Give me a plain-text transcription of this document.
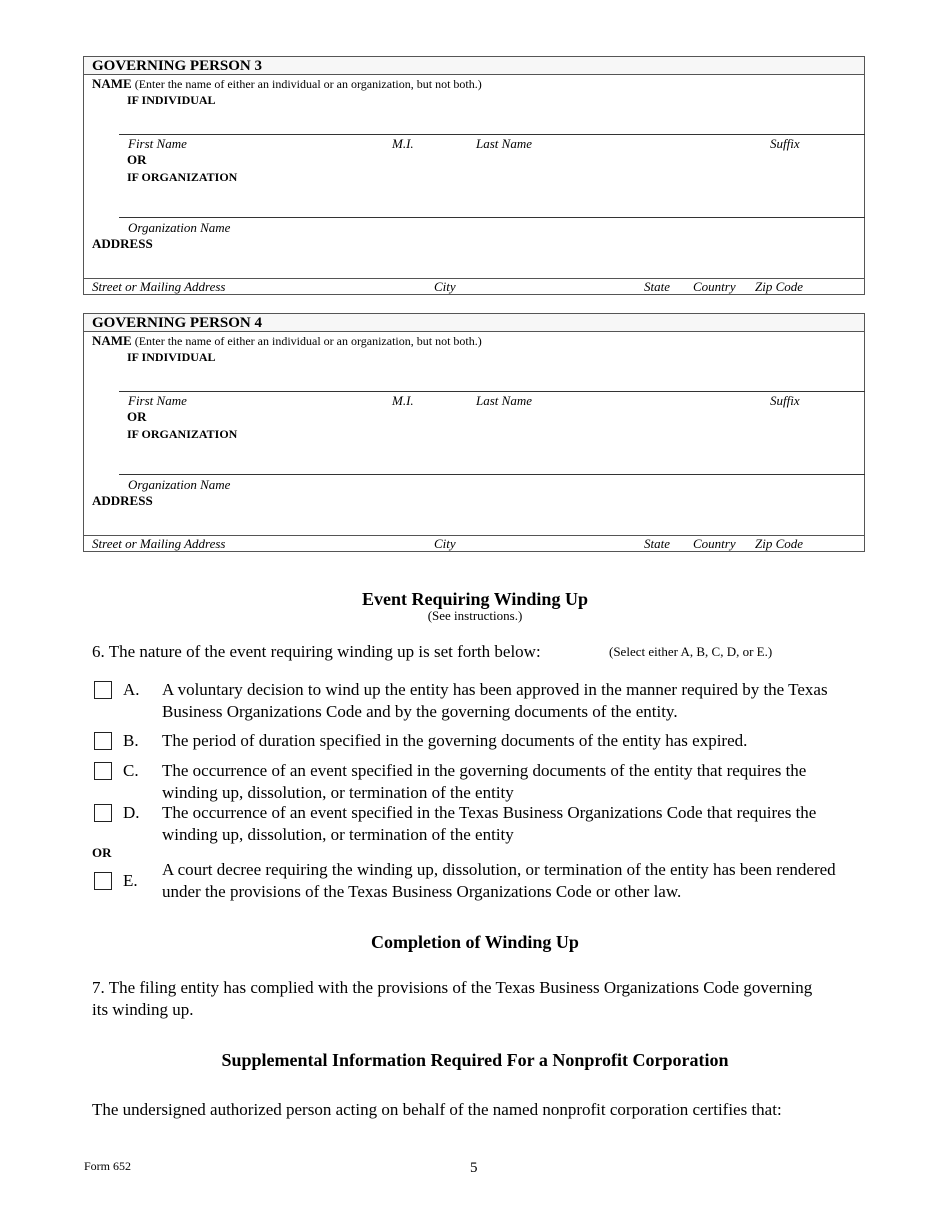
GOVERNING PERSON 3
NAME (Enter the name of either an individual or an organization, but not both.)
IF INDIVIDUAL
First Name	M.I.	Last Name	Suffix
OR
IF ORGANIZATION
Organization Name
ADDRESS
Street or Mailing Address	City	State Country Zip Code
GOVERNING PERSON 4
NAME (Enter the name of either an individual or an organization, but not both.)
IF INDIVIDUAL
First Name	M.I.	Last Name	Suffix
OR
IF ORGANIZATION
Organization Name
ADDRESS
Street or Mailing Address	City	State Country Zip Code
Event Requiring Winding Up
(See instructions.)
6. The nature of the event requiring winding up is set forth below:	(Select either A, B, C, D, or E.)
A. A voluntary decision to wind up the entity has been approved in the manner required by the Texas Business Organizations Code and by the governing documents of the entity.
B. The period of duration specified in the governing documents of the entity has expired.
C. The occurrence of an event specified in the governing documents of the entity that requires the winding up, dissolution, or termination of the entity
D. The occurrence of an event specified in the Texas Business Organizations Code that requires the winding up, dissolution, or termination of the entity
OR
E.
A court decree requiring the winding up, dissolution, or termination of the entity has been rendered under the provisions of the Texas Business Organizations Code or other law.
Completion of Winding Up
7. The filing entity has complied with the provisions of the Texas Business Organizations Code governing its winding up.
Supplemental Information Required For a Nonprofit Corporation
The undersigned authorized person acting on behalf of the named nonprofit corporation certifies that:
Form 652	5
